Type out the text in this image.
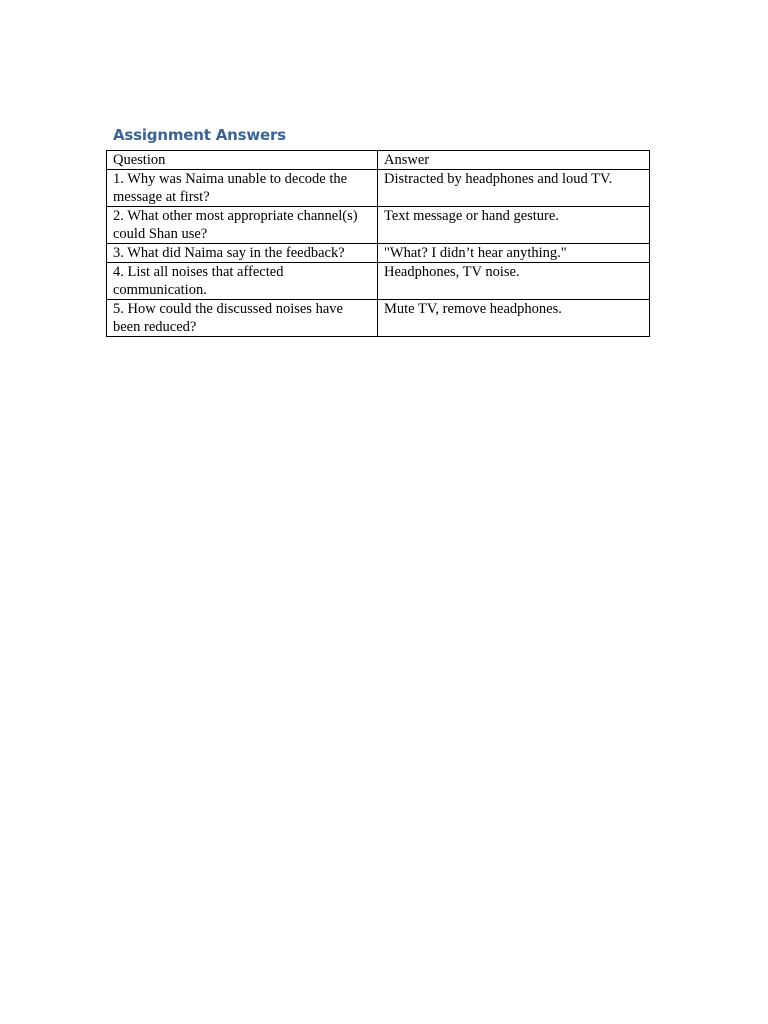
Assignment Answers
Question	Answer
1. Why was Naima unable to decode the message at first?	Distracted by headphones and loud TV.
2. What other most appropriate channel(s) could Shan use?	Text message or hand gesture.
3. What did Naima say in the feedback?	"What? I didn’t hear anything."
4. List all noises that affected communication.	Headphones, TV noise.
5. How could the discussed noises have been reduced?	Mute TV, remove headphones.
